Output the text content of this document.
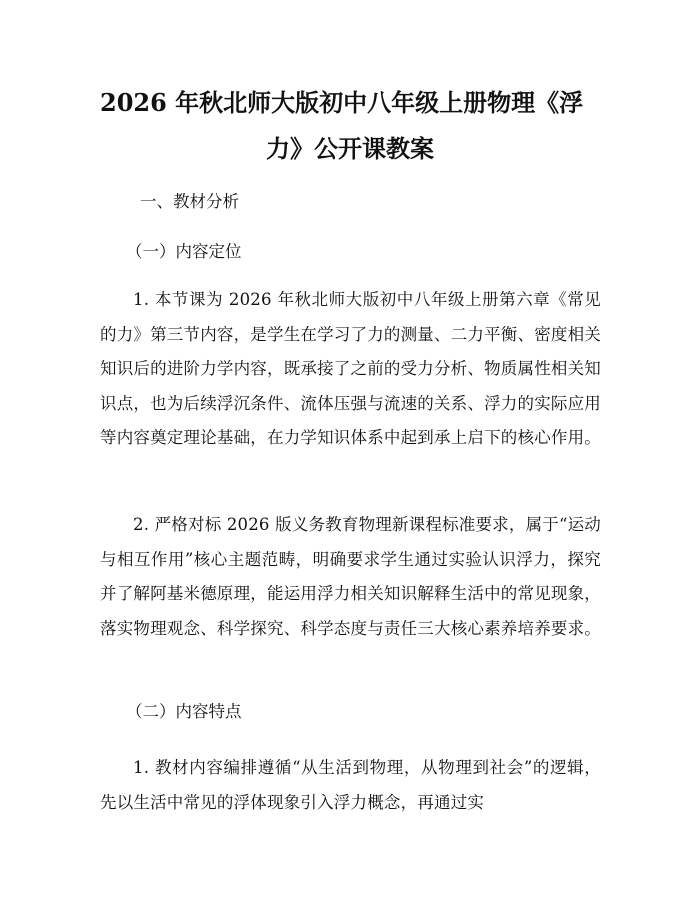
2026 年秋北师大版初中八年级上册物理《浮
力》公开课教案

一、教材分析

（一）内容定位

1. 本节课为 2026 年秋北师大版初中八年级上册第六章《常见的力》第三节内容，是学生在学习了力的测量、二力平衡、密度相关知识后的进阶力学内容，既承接了之前的受力分析、物质属性相关知识点，也为后续浮沉条件、流体压强与流速的关系、浮力的实际应用等内容奠定理论基础，在力学知识体系中起到承上启下的核心作用。

2. 严格对标 2026 版义务教育物理新课程标准要求，属于“运动与相互作用”核心主题范畴，明确要求学生通过实验认识浮力，探究并了解阿基米德原理，能运用浮力相关知识解释生活中的常见现象，落实物理观念、科学探究、科学态度与责任三大核心素养培养要求。

（二）内容特点

1. 教材内容编排遵循“从生活到物理，从物理到社会”的逻辑，先以生活中常见的浮体现象引入浮力概念，再通过实
